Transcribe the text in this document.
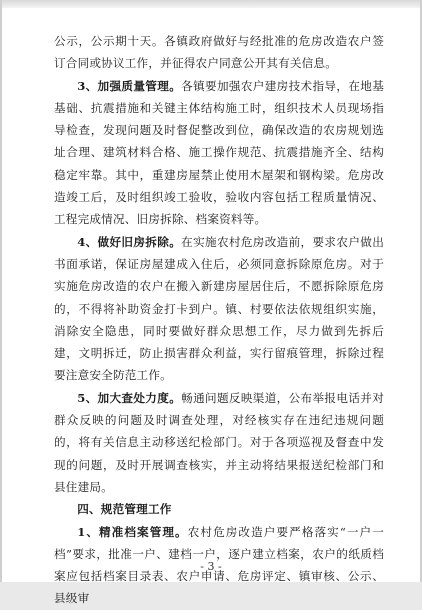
公示，公示期十天。各镇政府做好与经批准的危房改造农户签订合同或协议工作，并征得农户同意公开其有关信息。

3、加强质量管理。各镇要加强农户建房技术指导，在地基基础、抗震措施和关键主体结构施工时，组织技术人员现场指导检查，发现问题及时督促整改到位，确保改造的农房规划选址合理、建筑材料合格、施工操作规范、抗震措施齐全、结构稳定牢靠。其中，重建房屋禁止使用木屋架和钢构梁。危房改造竣工后，及时组织竣工验收，验收内容包括工程质量情况、工程完成情况、旧房拆除、档案资料等。

4、做好旧房拆除。在实施农村危房改造前，要求农户做出书面承诺，保证房屋建成入住后，必须同意拆除原危房。对于实施危房改造的农户在搬入新建房屋居住后，不愿拆除原危房的，不得将补助资金打卡到户。镇、村要依法依规组织实施，消除安全隐患，同时要做好群众思想工作，尽力做到先拆后建，文明拆迁，防止损害群众利益，实行留痕管理，拆除过程要注意安全防范工作。

5、加大查处力度。畅通问题反映渠道，公布举报电话并对群众反映的问题及时调查处理，对经核实存在违纪违规问题的，将有关信息主动移送纪检部门。对于各项巡视及督查中发现的问题，及时开展调查核实，并主动将结果报送纪检部门和县住建局。

四、规范管理工作

1、精准档案管理。农村危房改造户要严格落实“一户一档”要求，批准一户、建档一户，逐户建立档案，农户的纸质档案应包括档案目录表、农户申请、危房评定、镇审核、公示、县级审

- 3 -
